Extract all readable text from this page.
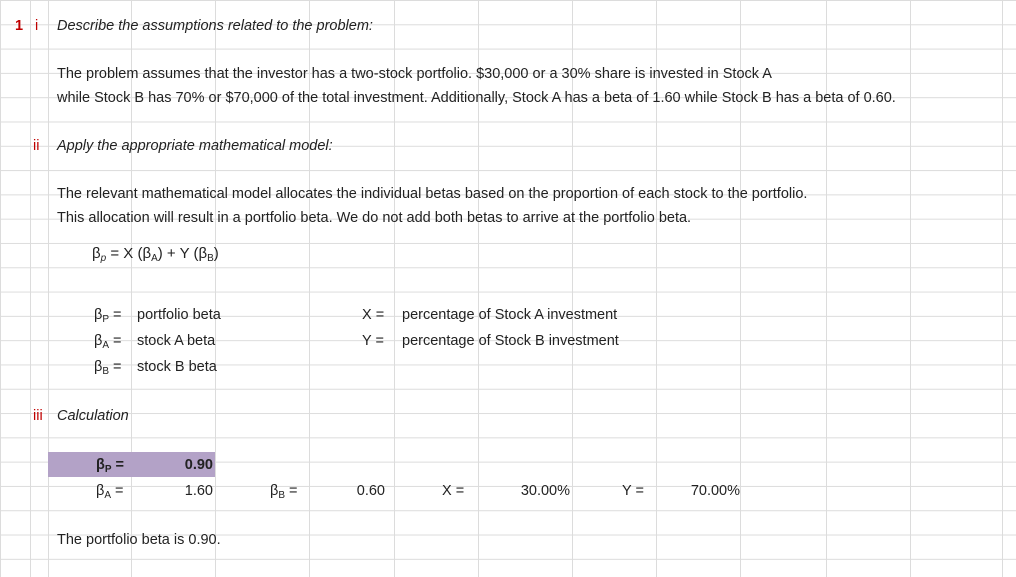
1 i Describe the assumptions related to the problem:
The problem assumes that the investor has a two-stock portfolio. $30,000 or a 30% share is invested in Stock A
while Stock B has 70% or $70,000 of the total investment. Additionally, Stock A has a beta of 1.60 while Stock B has a beta of 0.60.
ii Apply the appropriate mathematical model:
The relevant mathematical model allocates the individual betas based on the proportion of each stock to the portfolio.
This allocation will result in a portfolio beta. We do not add both betas to arrive at the portfolio beta.
$\beta_p = X$ $(\beta_A) + Y$ $(\beta_B)$
$\beta_P$ = portfolio beta
$\beta_A$ = stock A beta
$\beta_B$ = stock B beta
X = percentage of Stock A investment
Y = percentage of Stock B investment
iii Calculation
$\beta_P$ =	0.90
$\beta_A$ =	1.60	$\beta_B$ =	0.60	X =	30.00%	Y =	70.00%
The portfolio beta is 0.90.
